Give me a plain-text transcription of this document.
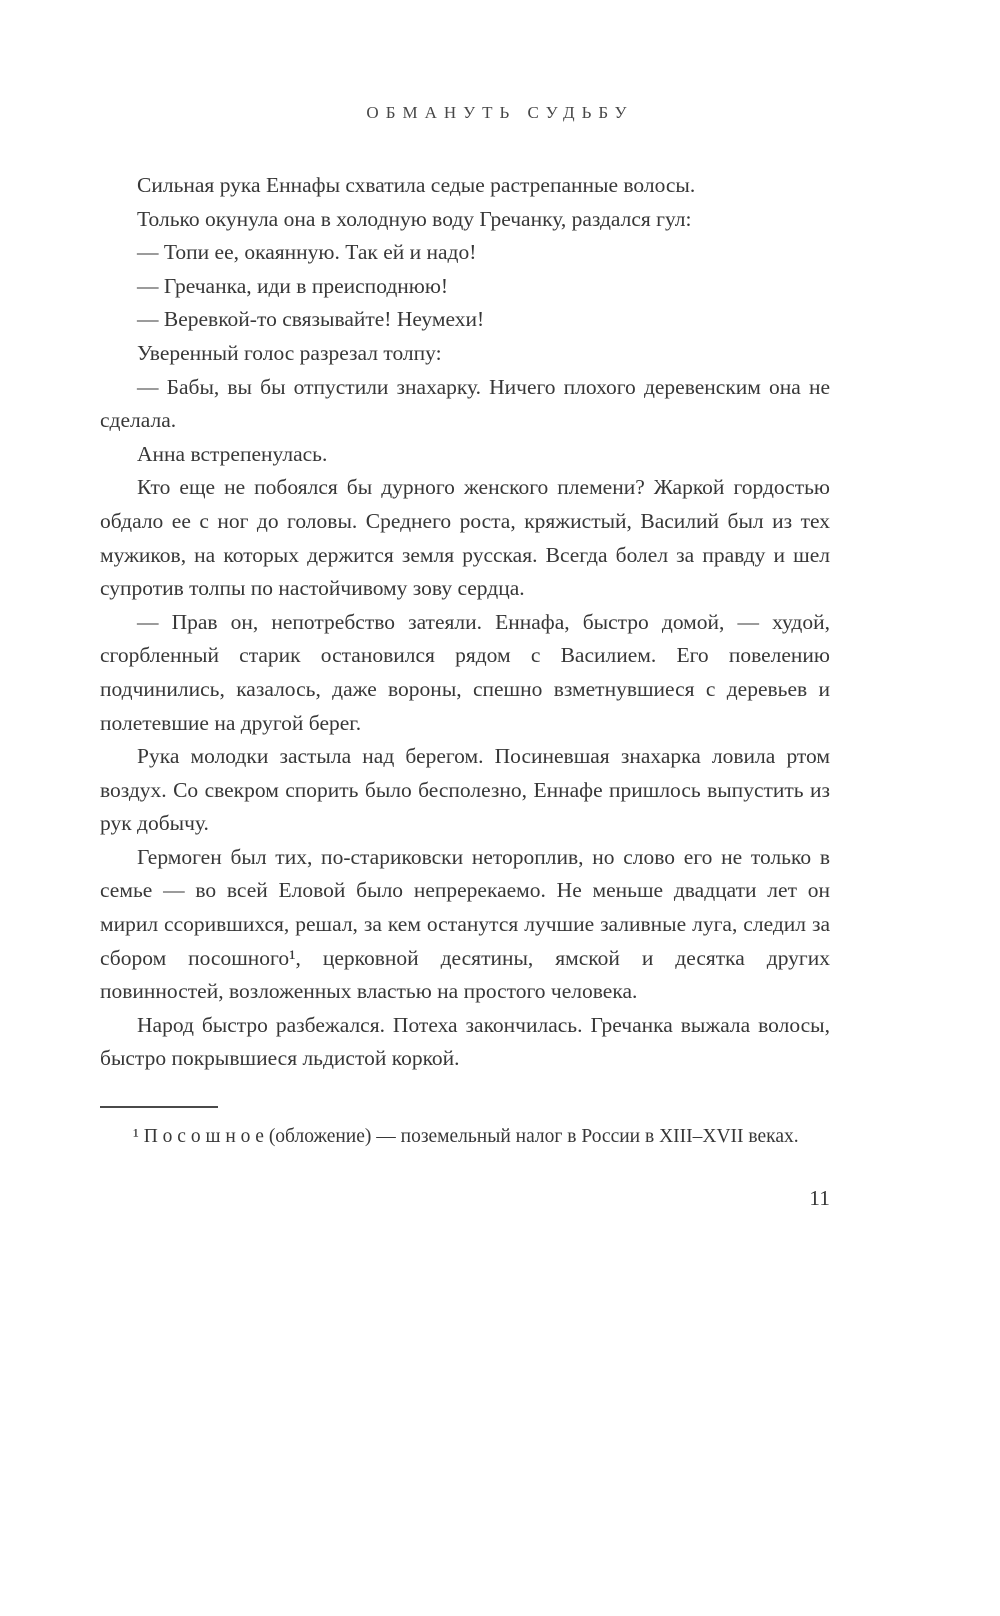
ОБМАНУТЬ СУДЬБУ

Сильная рука Еннафы схватила седые растрепанные волосы.

Только окунула она в холодную воду Гречанку, раздался гул:

— Топи ее, окаянную. Так ей и надо!

— Гречанка, иди в преисподнюю!

— Веревкой-то связывайте! Неумехи!

Уверенный голос разрезал толпу:

— Бабы, вы бы отпустили знахарку. Ничего плохого деревенским она не сделала.

Анна встрепенулась.

Кто еще не побоялся бы дурного женского племени? Жаркой гордостью обдало ее с ног до головы. Среднего роста, кряжистый, Василий был из тех мужиков, на которых держится земля русская. Всегда болел за правду и шел супротив толпы по настойчивому зову сердца.

— Прав он, непотребство затеяли. Еннафа, быстро домой, — худой, сгорбленный старик остановился рядом с Василием. Его повелению подчинились, казалось, даже вороны, спешно взметнувшиеся с деревьев и полетевшие на другой берег.

Рука молодки застыла над берегом. Посиневшая знахарка ловила ртом воздух. Со свекром спорить было бесполезно, Еннафе пришлось выпустить из рук добычу.

Гермоген был тих, по-стариковски нетороплив, но слово его не только в семье — во всей Еловой было непререкаемо. Не меньше двадцати лет он мирил ссорившихся, решал, за кем останутся лучшие заливные луга, следил за сбором посошного¹, церковной десятины, ямской и десятка других повинностей, возложенных властью на простого человека.

Народ быстро разбежался. Потеха закончилась. Гречанка выжала волосы, быстро покрывшиеся льдистой коркой.

¹ П о с о ш н о е (обложение) — поземельный налог в России в XIII–XVII веках.

11
